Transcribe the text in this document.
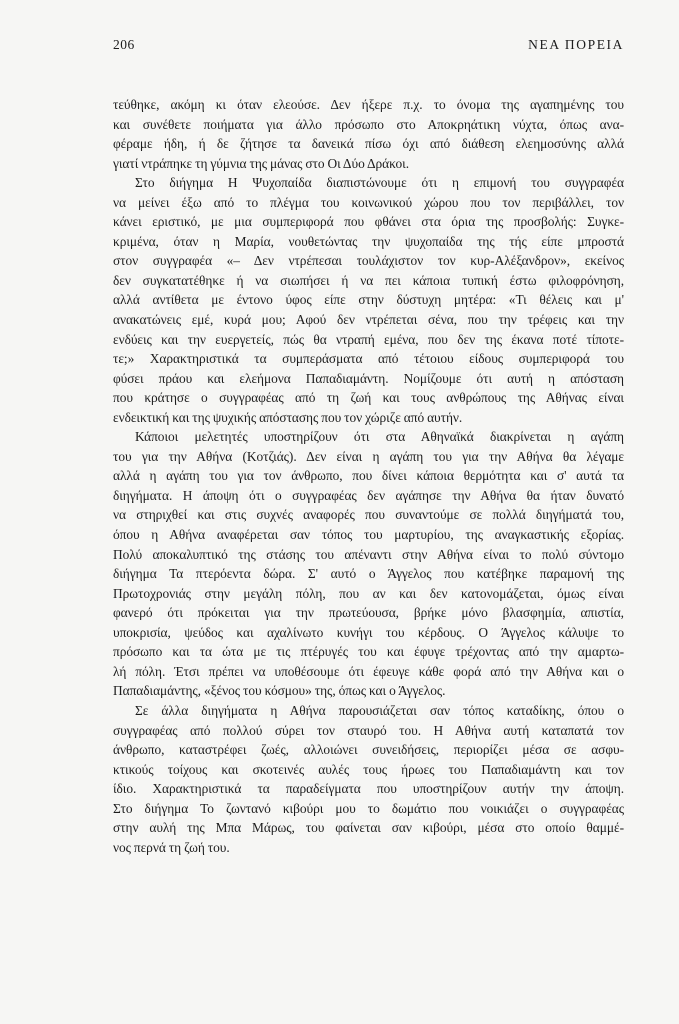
206	ΝΕΑ ΠΟΡΕΙΑ
τεύθηκε, ακόμη κι όταν ελεούσε. Δεν ήξερε π.χ. το όνομα της αγαπημένης του
και συνέθετε ποιήματα για άλλο πρόσωπο στο Αποκρηάτικη νύχτα, όπως ανα-
φέραμε ήδη, ή δε ζήτησε τα δανεικά πίσω όχι από διάθεση ελεημοσύνης αλλά
γιατί ντράπηκε τη γύμνια της μάνας στο Οι Δύο Δράκοι.
Στο διήγημα Η Ψυχοπαίδα διαπιστώνουμε ότι η επιμονή του συγγραφέα
να μείνει έξω από το πλέγμα του κοινωνικού χώρου που τον περιβάλλει, τον
κάνει εριστικό, με μια συμπεριφορά που φθάνει στα όρια της προσβολής: Συγκε-
κριμένα, όταν η Μαρία, νουθετώντας την ψυχοπαίδα της τής είπε μπροστά
στον συγγραφέα «– Δεν ντρέπεσαι τουλάχιστον τον κυρ-Αλέξανδρον», εκείνος
δεν συγκατατέθηκε ή να σιωπήσει ή να πει κάποια τυπική έστω φιλοφρόνηση,
αλλά αντίθετα με έντονο ύφος είπε στην δύστυχη μητέρα: «Τι θέλεις και μ'
ανακατώνεις εμέ, κυρά μου; Αφού δεν ντρέπεται σένα, που την τρέφεις και την
ενδύεις και την ευεργετείς, πώς θα ντραπή εμένα, που δεν της έκανα ποτέ τίποτε-
τε;» Χαρακτηριστικά τα συμπεράσματα από τέτοιου είδους συμπεριφορά του
φύσει πράου και ελεήμονα Παπαδιαμάντη. Νομίζουμε ότι αυτή η απόσταση
που κράτησε ο συγγραφέας από τη ζωή και τους ανθρώπους της Αθήνας είναι
ενδεικτική και της ψυχικής απόστασης που τον χώριζε από αυτήν.
Κάποιοι μελετητές υποστηρίζουν ότι στα Αθηναϊκά διακρίνεται η αγάπη
του για την Αθήνα (Κοτζιάς). Δεν είναι η αγάπη του για την Αθήνα θα λέγαμε
αλλά η αγάπη του για τον άνθρωπο, που δίνει κάποια θερμότητα και σ' αυτά τα
διηγήματα. Η άποψη ότι ο συγγραφέας δεν αγάπησε την Αθήνα θα ήταν δυνατό
να στηριχθεί και στις συχνές αναφορές που συναντούμε σε πολλά διηγήματά του,
όπου η Αθήνα αναφέρεται σαν τόπος του μαρτυρίου, της αναγκαστικής εξορίας.
Πολύ αποκαλυπτικό της στάσης του απέναντι στην Αθήνα είναι το πολύ σύντομο
διήγημα Τα πτερόεντα δώρα. Σ' αυτό ο Άγγελος που κατέβηκε παραμονή της
Πρωτοχρονιάς στην μεγάλη πόλη, που αν και δεν κατονομάζεται, όμως είναι
φανερό ότι πρόκειται για την πρωτεύουσα, βρήκε μόνο βλασφημία, απιστία,
υποκρισία, ψεύδος και αχαλίνωτο κυνήγι του κέρδους. Ο Άγγελος κάλυψε το
πρόσωπο και τα ώτα με τις πτέρυγές του και έφυγε τρέχοντας από την αμαρτω-
λή πόλη. Έτσι πρέπει να υποθέσουμε ότι έφευγε κάθε φορά από την Αθήνα και ο
Παπαδιαμάντης, «ξένος του κόσμου» της, όπως και ο Άγγελος.
Σε άλλα διηγήματα η Αθήνα παρουσιάζεται σαν τόπος καταδίκης, όπου ο
συγγραφέας από πολλού σύρει τον σταυρό του. Η Αθήνα αυτή καταπατά τον
άνθρωπο, καταστρέφει ζωές, αλλοιώνει συνειδήσεις, περιορίζει μέσα σε ασφυ-
κτικούς τοίχους και σκοτεινές αυλές τους ήρωες του Παπαδιαμάντη και τον
ίδιο. Χαρακτηριστικά τα παραδείγματα που υποστηρίζουν αυτήν την άποψη.
Στο διήγημα Το ζωντανό κιβούρι μου το δωμάτιο που νοικιάζει ο συγγραφέας
στην αυλή της Μπα Μάρως, του φαίνεται σαν κιβούρι, μέσα στο οποίο θαμμέ-
νος περνά τη ζωή του.
